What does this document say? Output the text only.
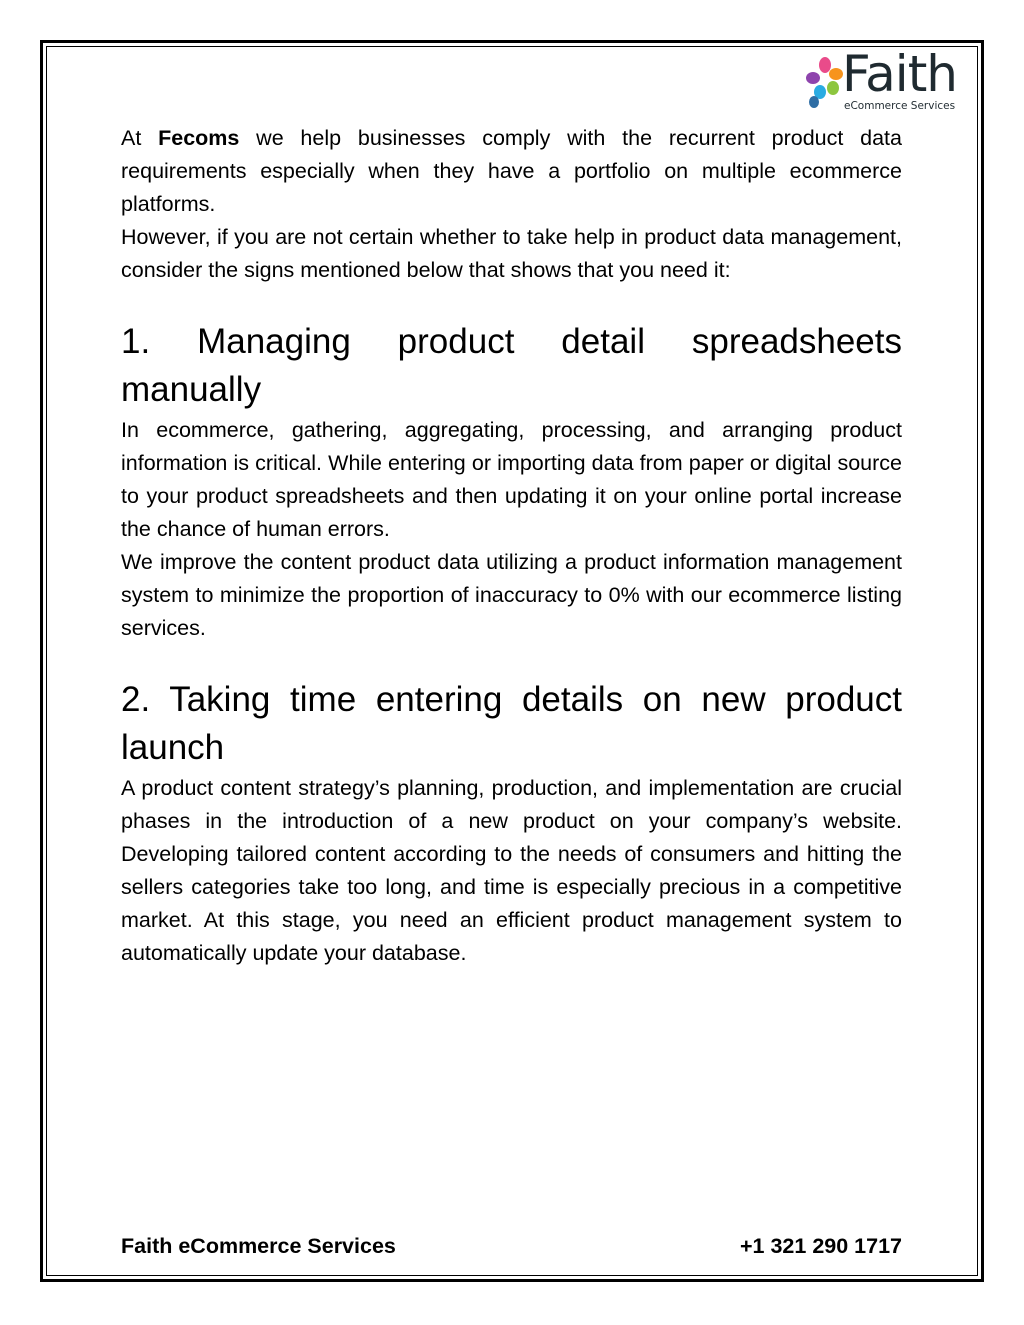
Faith
eCommerce Services

At Fecoms we help businesses comply with the recurrent product data requirements especially when they have a portfolio on multiple ecommerce platforms.

However, if you are not certain whether to take help in product data management, consider the signs mentioned below that shows that you need it:

1. Managing product detail spreadsheets manually

In ecommerce, gathering, aggregating, processing, and arranging product information is critical. While entering or importing data from paper or digital source to your product spreadsheets and then updating it on your online portal increase the chance of human errors.

We improve the content product data utilizing a product information management system to minimize the proportion of inaccuracy to 0% with our ecommerce listing services.

2. Taking time entering details on new product launch

A product content strategy’s planning, production, and implementation are crucial phases in the introduction of a new product on your company’s website. Developing tailored content according to the needs of consumers and hitting the sellers categories take too long, and time is especially precious in a competitive market. At this stage, you need an efficient product management system to automatically update your database.

Faith eCommerce Services	+1 321 290 1717
